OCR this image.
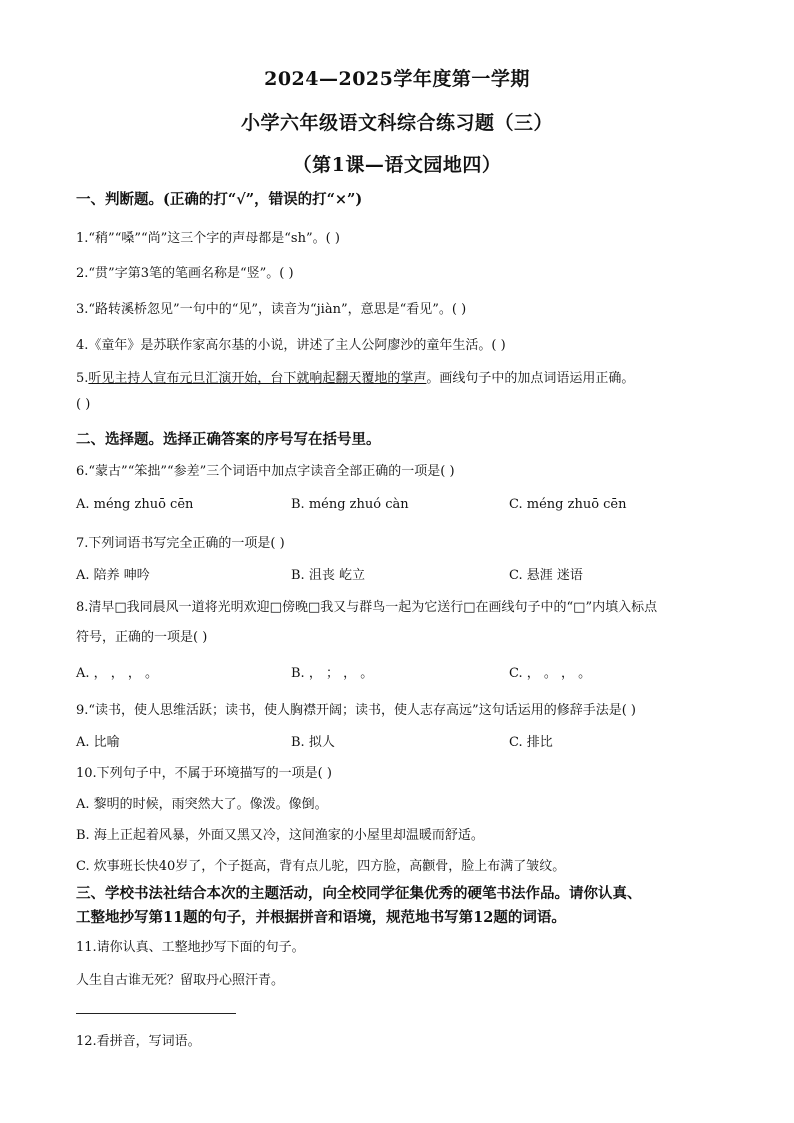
2024—2025学年度第一学期
小学六年级语文科综合练习题（三）
（第1课—语文园地四）
一、判断题。(正确的打“√”，错误的打“×”)
1.“稍”“嗓”“尚”这三个字的声母都是“sh”。( )
2.“贯”字第3笔的笔画名称是“竖”。( )
3.“路转溪桥忽见”一句中的“见”，读音为“jiàn”，意思是“看见”。( )
4.《童年》是苏联作家高尔基的小说，讲述了主人公阿廖沙的童年生活。( )
5.听见主持人宣布元旦汇演开始，台下就响起翻天覆地的掌声。画线句子中的加点词语运用正确。
( )
二、选择题。选择正确答案的序号写在括号里。
6.“蒙古”“笨拙”“参差”三个词语中加点字读音全部正确的一项是( )
A. méng zhuō cēn	B. méng zhuó càn	C. méng zhuō cēn
7.下列词语书写完全正确的一项是( )
A. 陪养 呻吟	B. 沮丧 屹立	C. 悬涯 迷语
8.清早□我同晨风一道将光明欢迎□傍晚□我又与群鸟一起为它送行□在画线句子中的“□”内填入标点
符号，正确的一项是( )
A. ， ， ， 。	B. ， ； ， 。	C. ， 。 ， 。
9.“读书，使人思维活跃；读书，使人胸襟开阔；读书，使人志存高远”这句话运用的修辞手法是( )
A. 比喻	B. 拟人	C. 排比
10.下列句子中，不属于环境描写的一项是( )
A. 黎明的时候，雨突然大了。像泼。像倒。
B. 海上正起着风暴，外面又黑又冷，这间渔家的小屋里却温暖而舒适。
C. 炊事班长快40岁了，个子挺高，背有点儿驼，四方脸，高颧骨，脸上布满了皱纹。
三、学校书法社结合本次的主题活动，向全校同学征集优秀的硬笔书法作品。请你认真、
工整地抄写第11题的句子，并根据拼音和语境，规范地书写第12题的词语。
11.请你认真、工整地抄写下面的句子。
人生自古谁无死？留取丹心照汗青。
12.看拼音，写词语。
